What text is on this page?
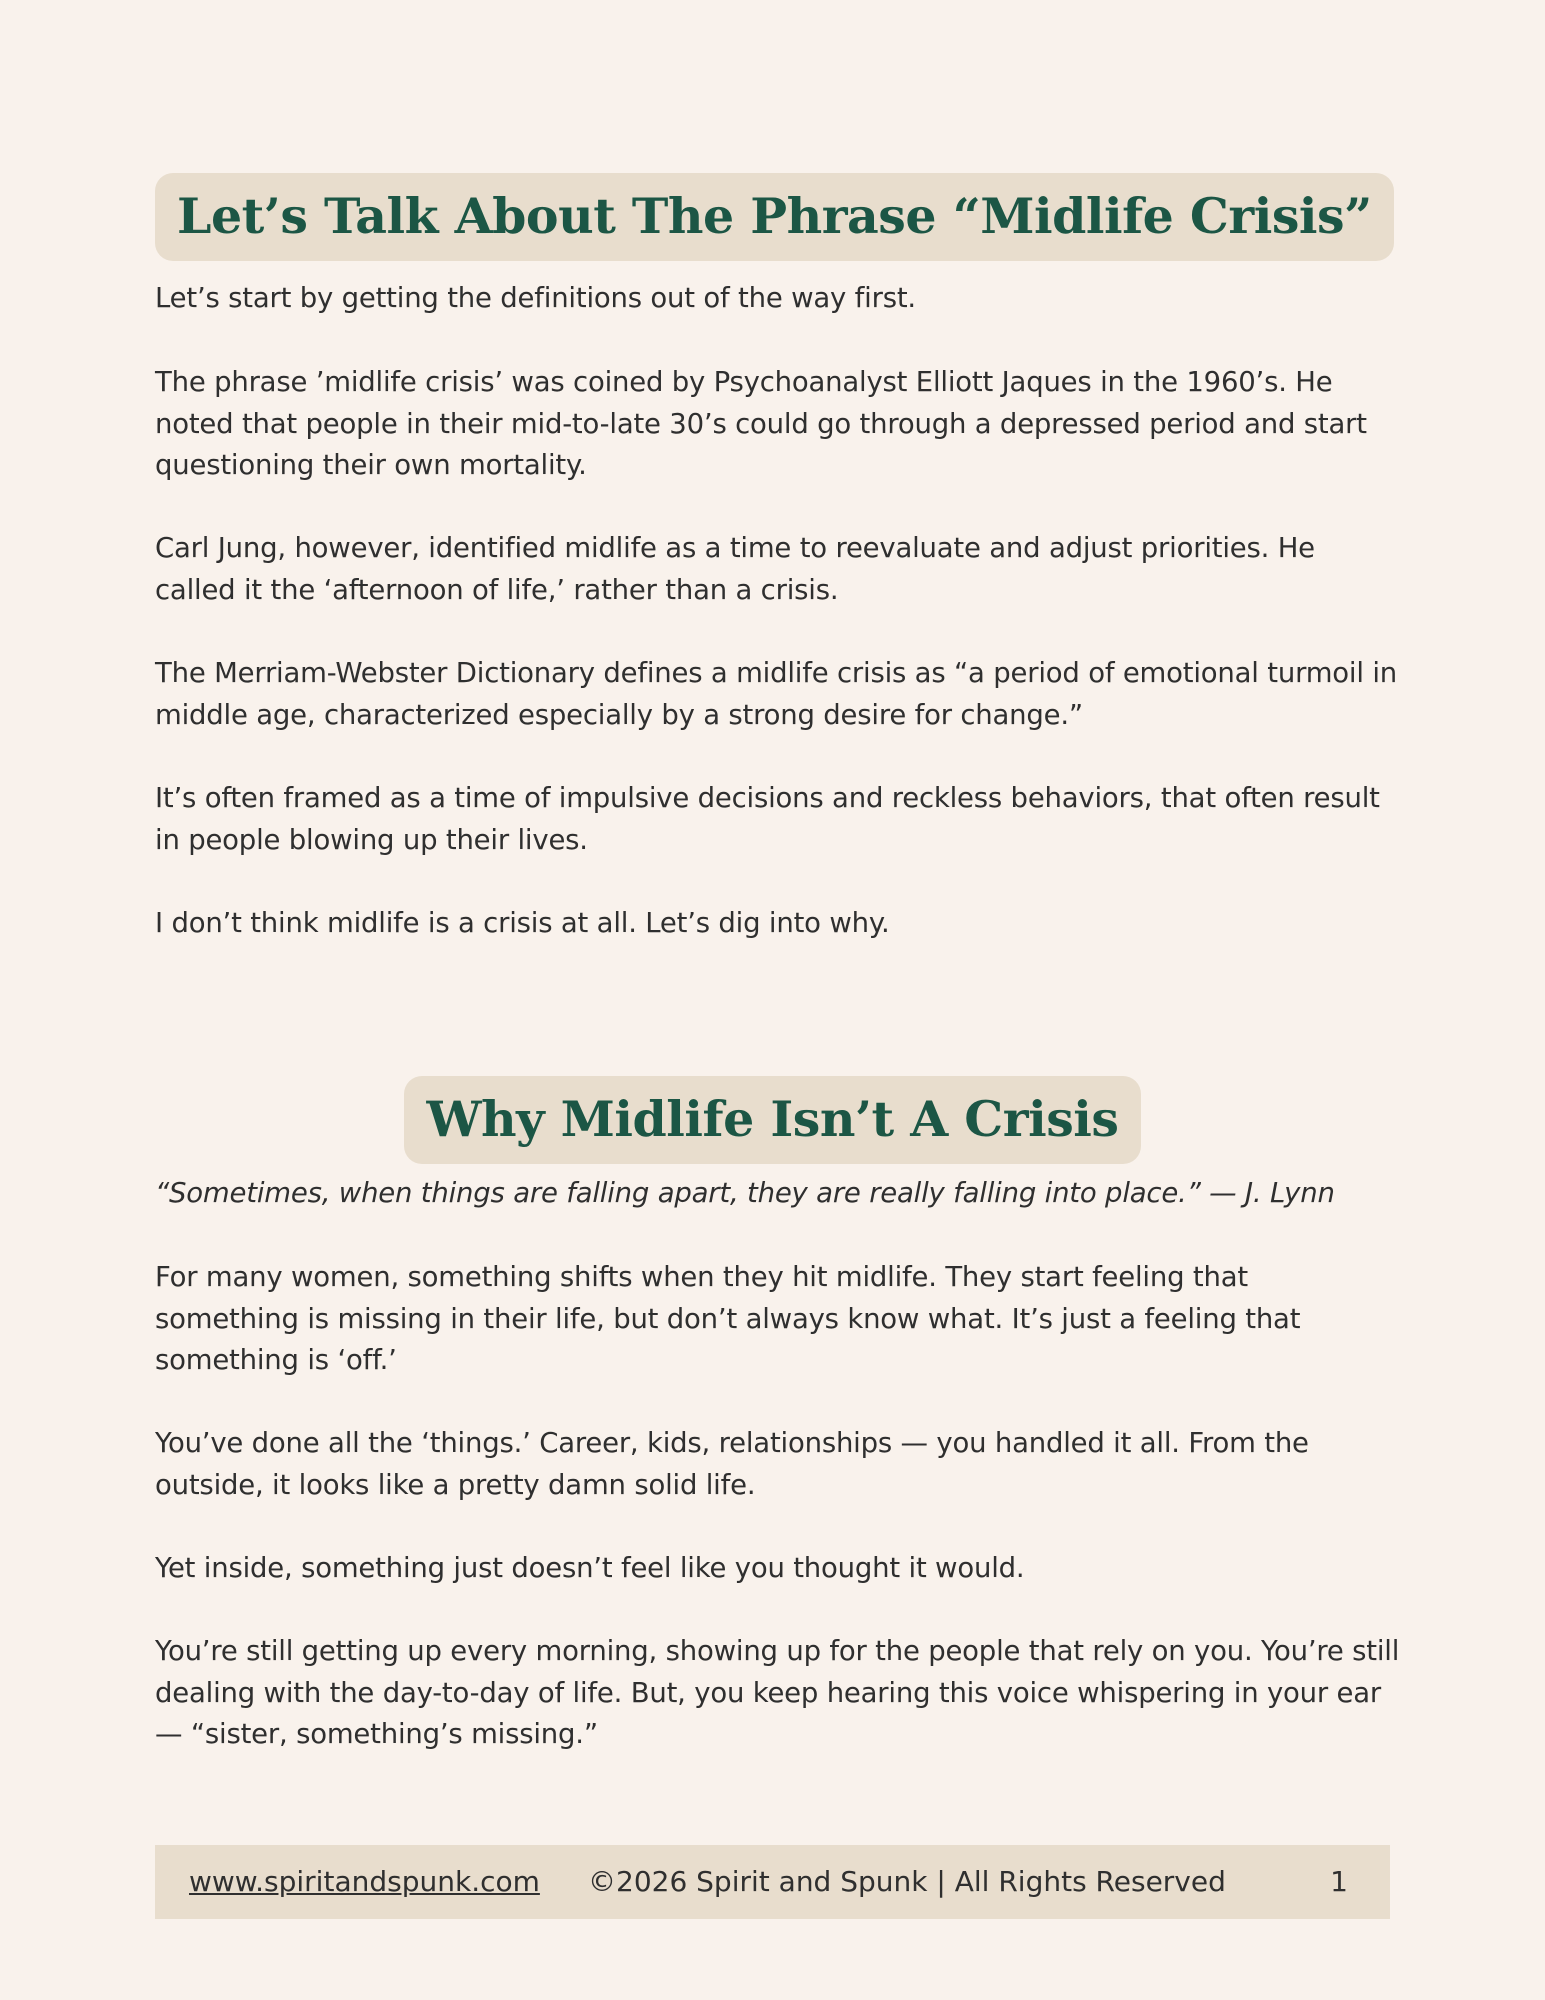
Let’s Talk About The Phrase “Midlife Crisis”

Let’s start by getting the definitions out of the way first.

The phrase ’midlife crisis’ was coined by Psychoanalyst Elliott Jaques in the 1960’s. He noted that people in their mid-to-late 30’s could go through a depressed period and start questioning their own mortality.

Carl Jung, however, identified midlife as a time to reevaluate and adjust priorities. He called it the ‘afternoon of life,’ rather than a crisis.

The Merriam-Webster Dictionary defines a midlife crisis as “a period of emotional turmoil in middle age, characterized especially by a strong desire for change.”

It’s often framed as a time of impulsive decisions and reckless behaviors, that often result in people blowing up their lives.

I don’t think midlife is a crisis at all. Let’s dig into why.

Why Midlife Isn’t A Crisis

“Sometimes, when things are falling apart, they are really falling into place.” — J. Lynn

For many women, something shifts when they hit midlife. They start feeling that something is missing in their life, but don’t always know what. It’s just a feeling that something is ‘off.’

You’ve done all the ‘things.’ Career, kids, relationships — you handled it all. From the outside, it looks like a pretty damn solid life.

Yet inside, something just doesn’t feel like you thought it would.

You’re still getting up every morning, showing up for the people that rely on you. You’re still dealing with the day-to-day of life. But, you keep hearing this voice whispering in your ear — “sister, something’s missing.”

www.spiritandspunk.com ©2026 Spirit and Spunk | All Rights Reserved	1
